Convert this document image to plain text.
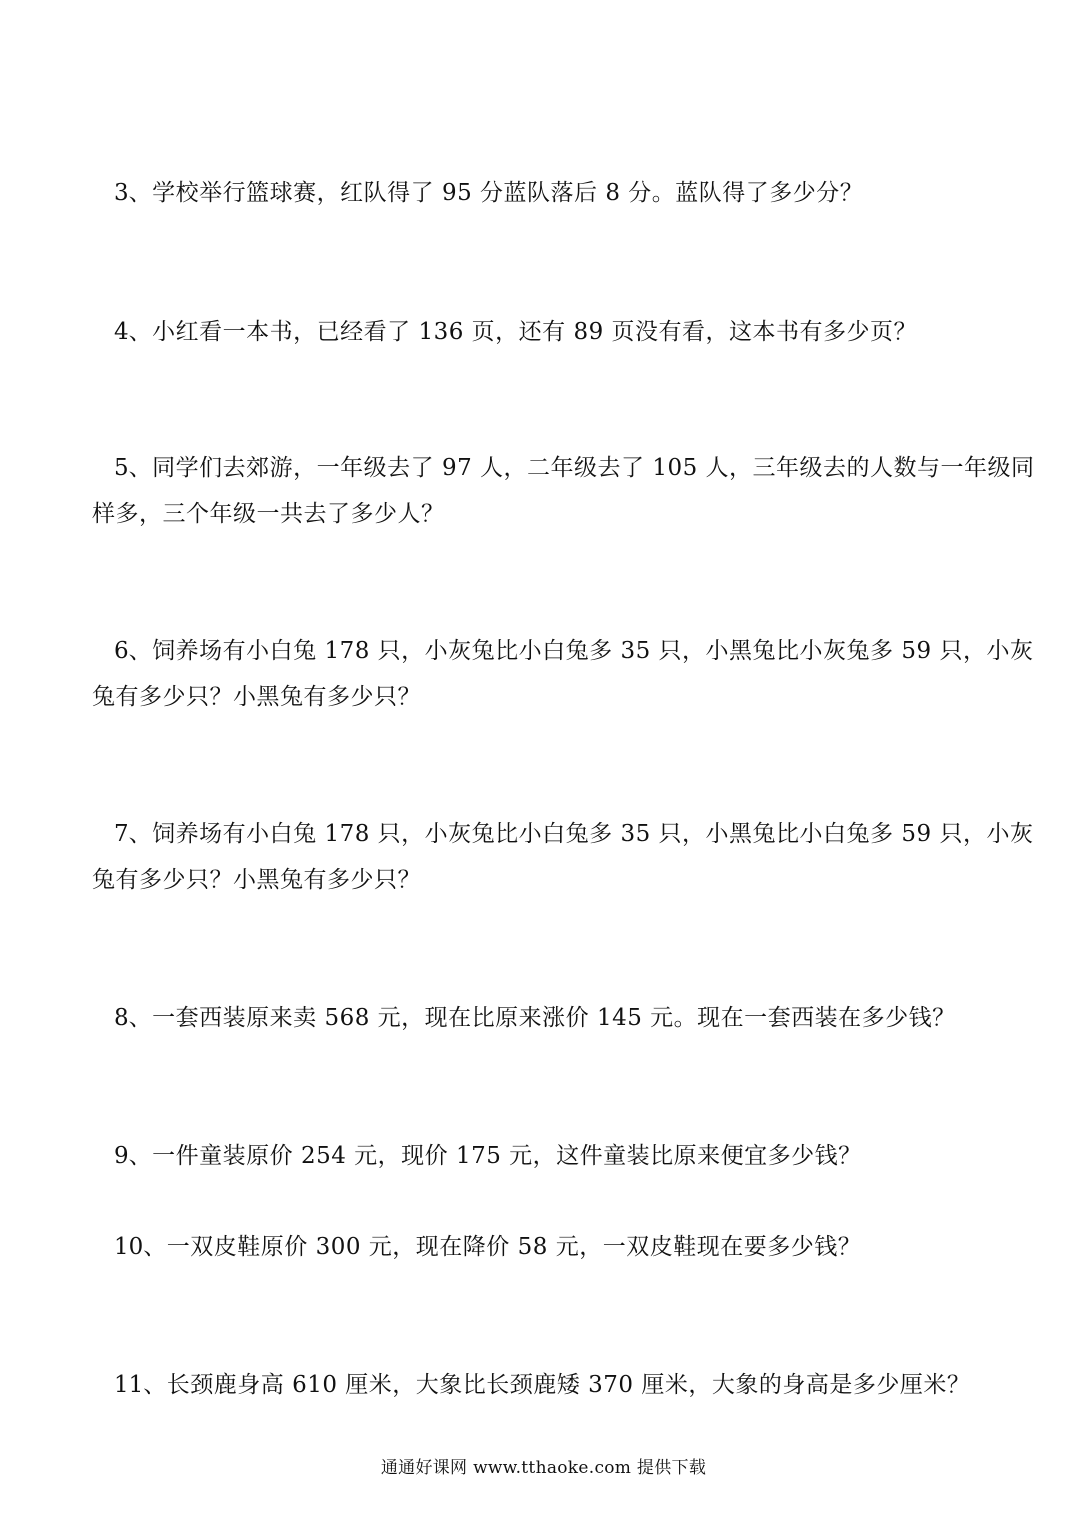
3、学校举行篮球赛，红队得了 95 分蓝队落后 8 分。蓝队得了多少分？

4、小红看一本书，已经看了 136 页，还有 89 页没有看，这本书有多少页？

5、同学们去郊游，一年级去了 97 人，二年级去了 105 人，三年级去的人数与一年级同样多，三个年级一共去了多少人？

6、饲养场有小白兔 178 只，小灰兔比小白兔多 35 只，小黑兔比小灰兔多 59 只，小灰兔有多少只？小黑兔有多少只？

7、饲养场有小白兔 178 只，小灰兔比小白兔多 35 只，小黑兔比小白兔多 59 只，小灰兔有多少只？小黑兔有多少只？

8、一套西装原来卖 568 元，现在比原来涨价 145 元。现在一套西装在多少钱？

9、一件童装原价 254 元，现价 175 元，这件童装比原来便宜多少钱？

10、一双皮鞋原价 300 元，现在降价 58 元，一双皮鞋现在要多少钱？

11、长颈鹿身高 610 厘米，大象比长颈鹿矮 370 厘米，大象的身高是多少厘米？

通通好课网 www.tthaoke.com 提供下载
